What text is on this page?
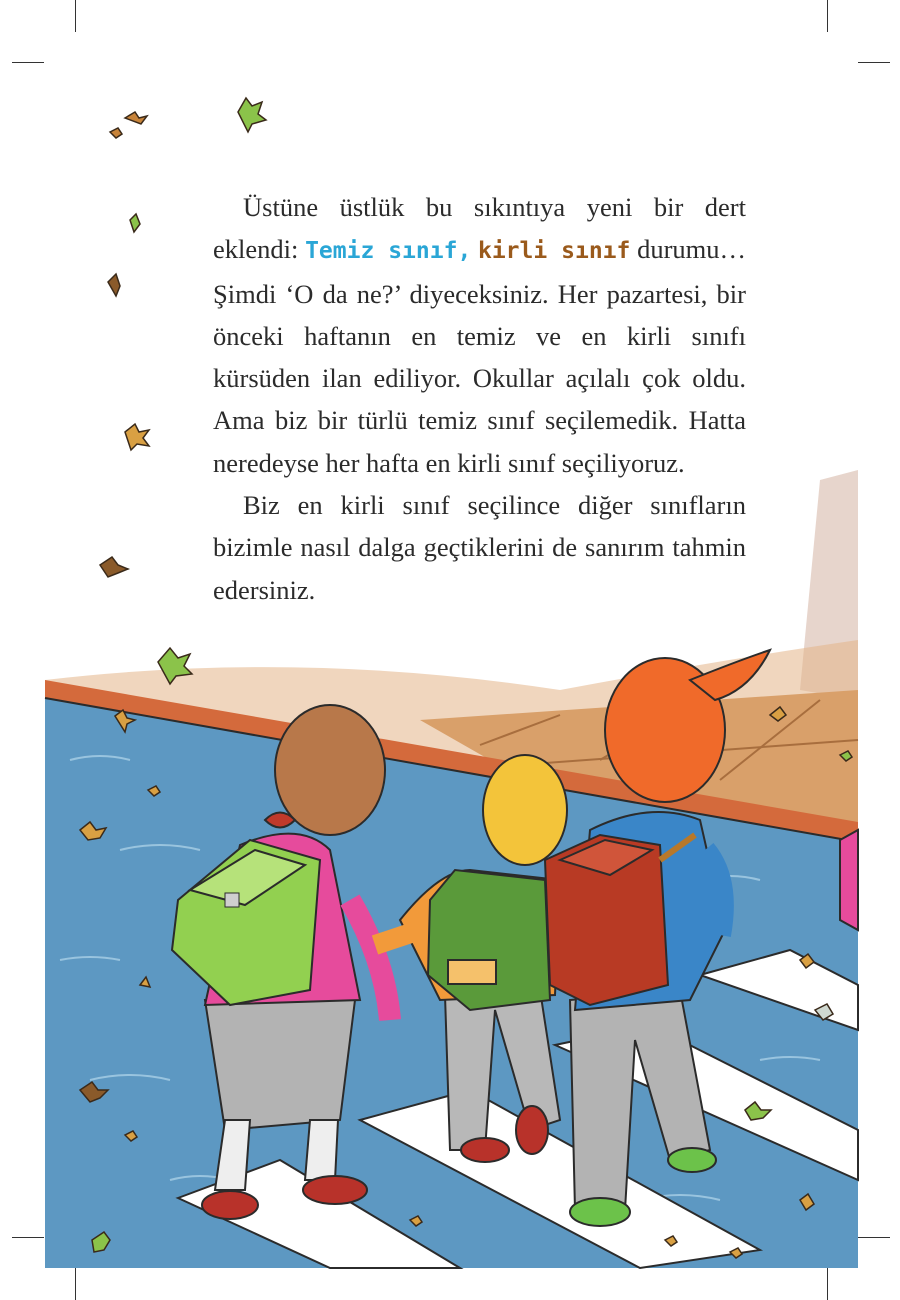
Üstüne üstlük bu sıkıntıya yeni bir dert eklendi: Temiz sınıf, kirli sınıf durumu… Şimdi ‘O da ne?’ diyeceksiniz. Her pazartesi, bir önceki haftanın en temiz ve en kirli sınıfı kürsüden ilan ediliyor. Okullar açılalı çok oldu. Ama biz bir türlü temiz sınıf seçilemedik. Hatta neredeyse her hafta en kirli sınıf seçiliyoruz.

Biz en kirli sınıf seçilince diğer sınıfların bizimle nasıl dalga geçtiklerini de sanırım tahmin edersiniz.
